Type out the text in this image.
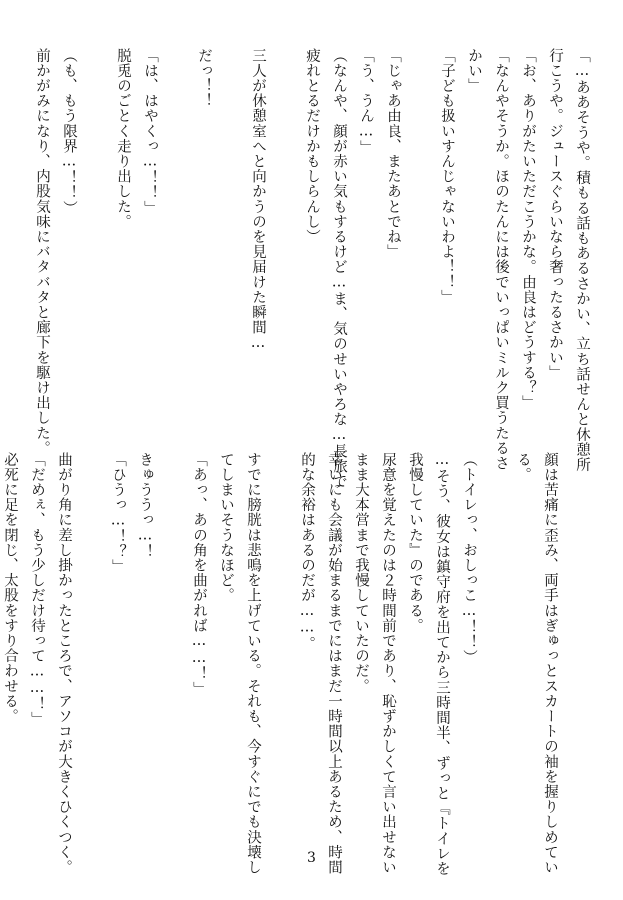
「…ああそうや。積もる話もあるさかい、立ち話せんと休憩所
行こうや。ジュースぐらいなら奢ったるさかい」
「お、ありがたいただこうかな。由良はどうする？」
「なんやそうか。ほのたんには後でいっぱいミルク買うたるさ
かい」
「子ども扱いすんじゃないわよ！！」
「じゃあ由良、またあとでね」
「う、うん…」
（なんや、顔が赤い気もするけど…ま、気のせいやろな…長旅で
疲れとるだけかもしらんし）
三人が休憩室へと向かうのを見届けた瞬間…
だっ！！
「は、はやくっ…！！」
脱兎のごとく走り出した。
（も、もう限界…！！）
前かがみになり、内股気味にバタバタと廊下を駆け出した。
顔は苦痛に歪み、両手はぎゅっとスカートの袖を握りしめてい
る。
（トイレっ、おしっこ…！！）
…そう、彼女は鎮守府を出てから三時間半、ずっと『トイレを
我慢していた』のである。
尿意を覚えたのは２時間前であり、恥ずかしくて言い出せない
まま大本営まで我慢していたのだ。
幸いにも会議が始まるまでにはまだ一時間以上あるため、時間
的な余裕はあるのだが……。
すでに膀胱は悲鳴を上げている。それも、今すぐにでも決壊し
てしまいそうなほど。
「あっ、あの角を曲がれば……！」
きゅううっ…！
「ひうっ…！？」
曲がり角に差し掛かったところで、アソコが大きくひくつく。
「だめぇ、もう少しだけ待って……！」
必死に足を閉じ、太股をすり合わせる。
3
